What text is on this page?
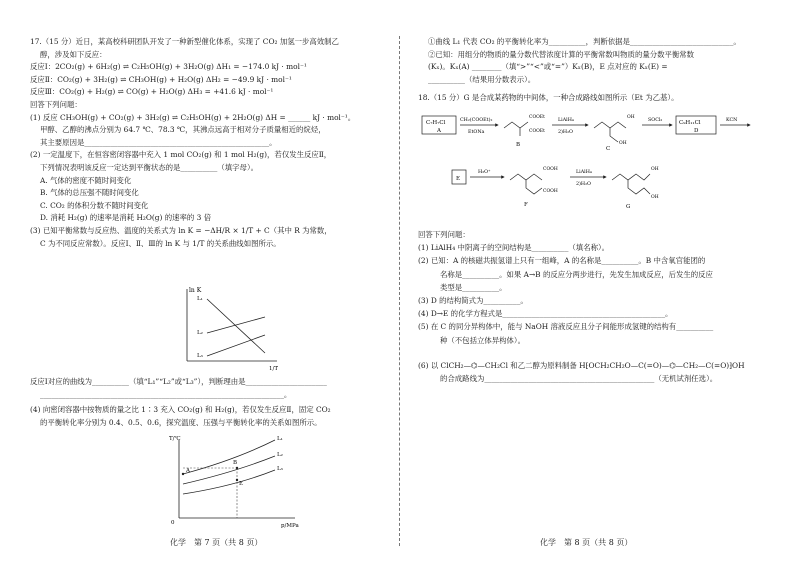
17.（15 分）近日，某高校科研团队开发了一种新型催化体系，实现了 CO₂ 加氢一步高效制乙
醇，涉及如下反应：
反应Ⅰ：2CO₂(g) + 6H₂(g) ⇌ C₂H₅OH(g) + 3H₂O(g) ΔH₁ = −174.0 kJ · mol⁻¹
反应Ⅱ：CO₂(g) + 3H₂(g) ⇌ CH₃OH(g) + H₂O(g) ΔH₂ = −49.9 kJ · mol⁻¹
反应Ⅲ：CO₂(g) + H₂(g) ⇌ CO(g) + H₂O(g) ΔH₃ = +41.6 kJ · mol⁻¹
回答下列问题：
(1) 反应 CH₃OH(g) + CO₂(g) + 3H₂(g) ⇌ C₂H₅OH(g) + 2H₂O(g) ΔH = ______ kJ · mol⁻¹。
甲醇、乙醇的沸点分别为 64.7 ℃、78.3 ℃，其沸点远高于相对分子质量相近的烷烃，
其主要原因是__________________________________________________。
(2) 一定温度下，在恒容密闭容器中充入 1 mol CO₂(g) 和 1 mol H₂(g)，若仅发生反应Ⅱ，
下列情况表明该反应一定达到平衡状态的是__________（填字母）。
A. 气体的密度不随时间变化
B. 气体的总压强不随时间变化
C. CO₂ 的体积分数不随时间变化
D. 消耗 H₂(g) 的速率是消耗 H₂O(g) 的速率的 3 倍
(3) 已知平衡常数与反应热、温度的关系式为 ln K = −ΔH/R × 1/T + C（其中 R 为常数，
C 为不同反应常数）。反应Ⅰ、Ⅱ、Ⅲ的 ln K 与 1/T 的关系曲线如图所示。
ln K
1/T
L₁
L₂
L₃
反应Ⅰ对应的曲线为__________（填“L₁”“L₂”或“L₃”），判断理由是______________________
__________________________________________________________________。
(4) 向密闭容器中按物质的量之比 1∶3 充入 CO₂(g) 和 H₂(g)，若仅发生反应Ⅱ，固定 CO₂
的平衡转化率分别为 0.4、0.5、0.6，探究温度、压强与平衡转化率的关系如图所示。
T/℃
p/MPa
0
A
B
E
L₁
L₂
L₃
化学　第 7 页（共 8 页）
①曲线 L₁ 代表 CO₂ 的平衡转化率为__________，判断依据是____________________________。
②已知：用组分的物质的量分数代替浓度计算的平衡常数叫物质的量分数平衡常数
(Kₓ)。Kₓ(A) ________（填“>”“<”或“=”）Kₓ(B)，E 点对应的 Kₓ(E) =
__________（结果用分数表示）。
18.（15 分）G 是合成某药物的中间体，一种合成路线如图所示（Et 为乙基）。
C₇H₇Cl
A
CH₂(COOEt)₂
EtONa
COOEt
COOEt
B
LiAlH₄
2)H₂O
OH
OH
C
SOCl₂	C₉H₁₁Cl
D
KCN
E
H₃O⁺
COOH
COOH
F
LiAlH₄
2)H₂O
OH
OH
G
回答下列问题：
(1) LiAlH₄ 中阴离子的空间结构是__________（填名称）。
(2) 已知：A 的核磁共振氢谱上只有一组峰，A 的名称是__________。B 中含氧官能团的
名称是__________。如果 A→B 的反应分两步进行，先发生加成反应，后发生的反应
类型是__________。
(3) D 的结构简式为__________。
(4) D→E 的化学方程式是____________________________________________。
(5) 在 C 的同分异构体中，能与 NaOH 溶液反应且分子间能形成氢键的结构有__________
种（不包括立体异构体）。
(6) 以 ClCH₂—⌬—CH₂Cl 和乙二醇为原料制备 H⁅OCH₂CH₂O—C(=O)—⌬—CH₂—C(=O)⁆OH
的合成路线为______________________________________________（无机试剂任选）。
化学　第 8 页（共 8 页）
